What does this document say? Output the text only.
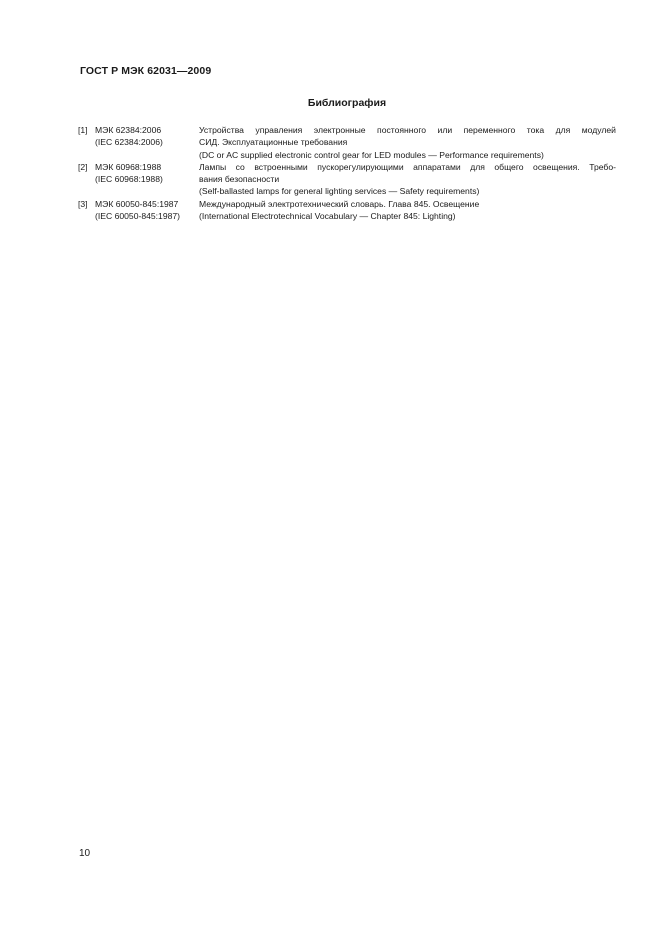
ГОСТ Р МЭК 62031—2009
Библиография
[1] МЭК 62384:2006
(IEC 62384:2006)
Устройства управления электронные постоянного или переменного тока для модулей
СИД. Эксплуатационные требования
(DC or AC supplied electronic control gear for LED modules — Performance requirements)
[2] МЭК 60968:1988
(IEC 60968:1988)
Лампы со встроенными пускорегулирующими аппаратами для общего освещения. Требо-
вания безопасности
(Self-ballasted lamps for general lighting services — Safety requirements)
[3] МЭК 60050-845:1987
(IEC 60050-845:1987)
Международный электротехнический словарь. Глава 845. Освещение
(International Electrotechnical Vocabulary — Chapter 845: Lighting)
10
